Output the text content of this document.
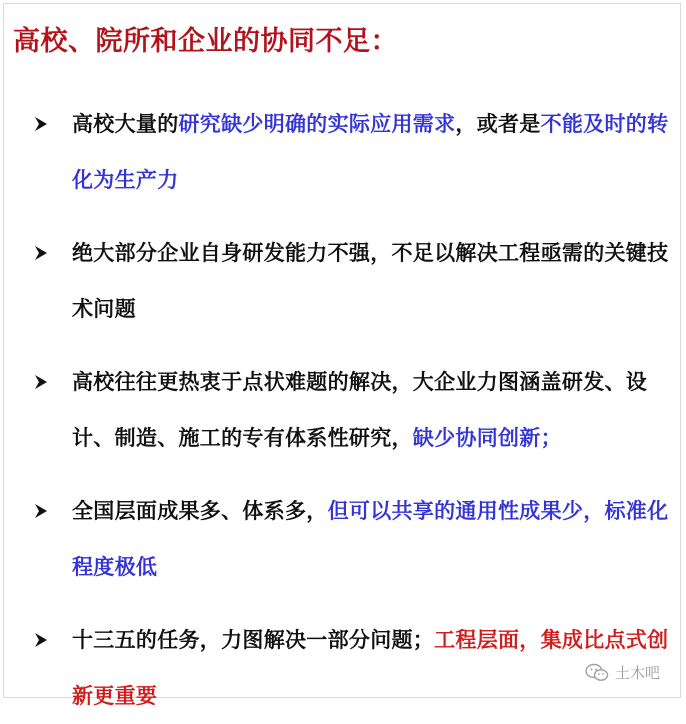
高校、院所和企业的协同不足：
高校大量的研究缺少明确的实际应用需求，或者是不能及时的转化为生产力
绝大部分企业自身研发能力不强，不足以解决工程亟需的关键技术问题
高校往往更热衷于点状难题的解决，大企业力图涵盖研发、设计、制造、施工的专有体系性研究，缺少协同创新；
全国层面成果多、体系多，但可以共享的通用性成果少，标准化程度极低
十三五的任务，力图解决一部分问题；工程层面，集成比点式创新更重要
土木吧
